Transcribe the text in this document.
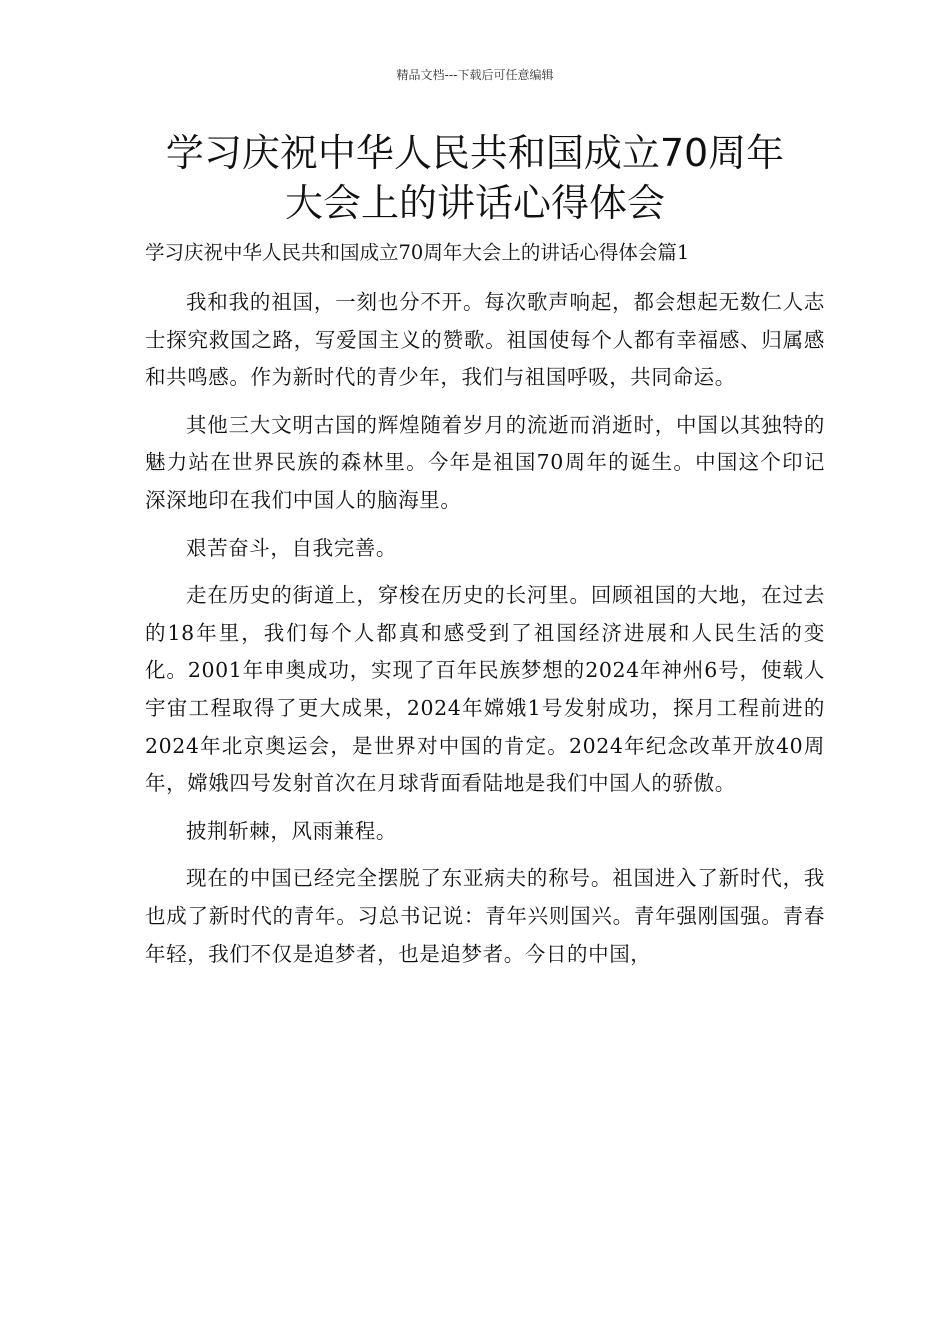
精品文档---下载后可任意编辑
学习庆祝中华人民共和国成立70周年
大会上的讲话心得体会

学习庆祝中华人民共和国成立70周年大会上的讲话心得体会篇1

我和我的祖国，一刻也分不开。每次歌声响起，都会想起无数仁人志士探究救国之路，写爱国主义的赞歌。祖国使每个人都有幸福感、归属感和共鸣感。作为新时代的青少年，我们与祖国呼吸，共同命运。

其他三大文明古国的辉煌随着岁月的流逝而消逝时，中国以其独特的魅力站在世界民族的森林里。今年是祖国70周年的诞生。中国这个印记深深地印在我们中国人的脑海里。

艰苦奋斗，自我完善。

走在历史的街道上，穿梭在历史的长河里。回顾祖国的大地，在过去的18年里，我们每个人都真和感受到了祖国经济进展和人民生活的变化。2001年申奥成功，实现了百年民族梦想的2024年神州6号，使载人宇宙工程取得了更大成果，2024年嫦娥1号发射成功，探月工程前进的2024年北京奥运会，是世界对中国的肯定。2024年纪念改革开放40周年，嫦娥四号发射首次在月球背面看陆地是我们中国人的骄傲。

披荆斩棘，风雨兼程。

现在的中国已经完全摆脱了东亚病夫的称号。祖国进入了新时代，我也成了新时代的青年。习总书记说：青年兴则国兴。青年强刚国强。青春年轻，我们不仅是追梦者，也是追梦者。今日的中国，
